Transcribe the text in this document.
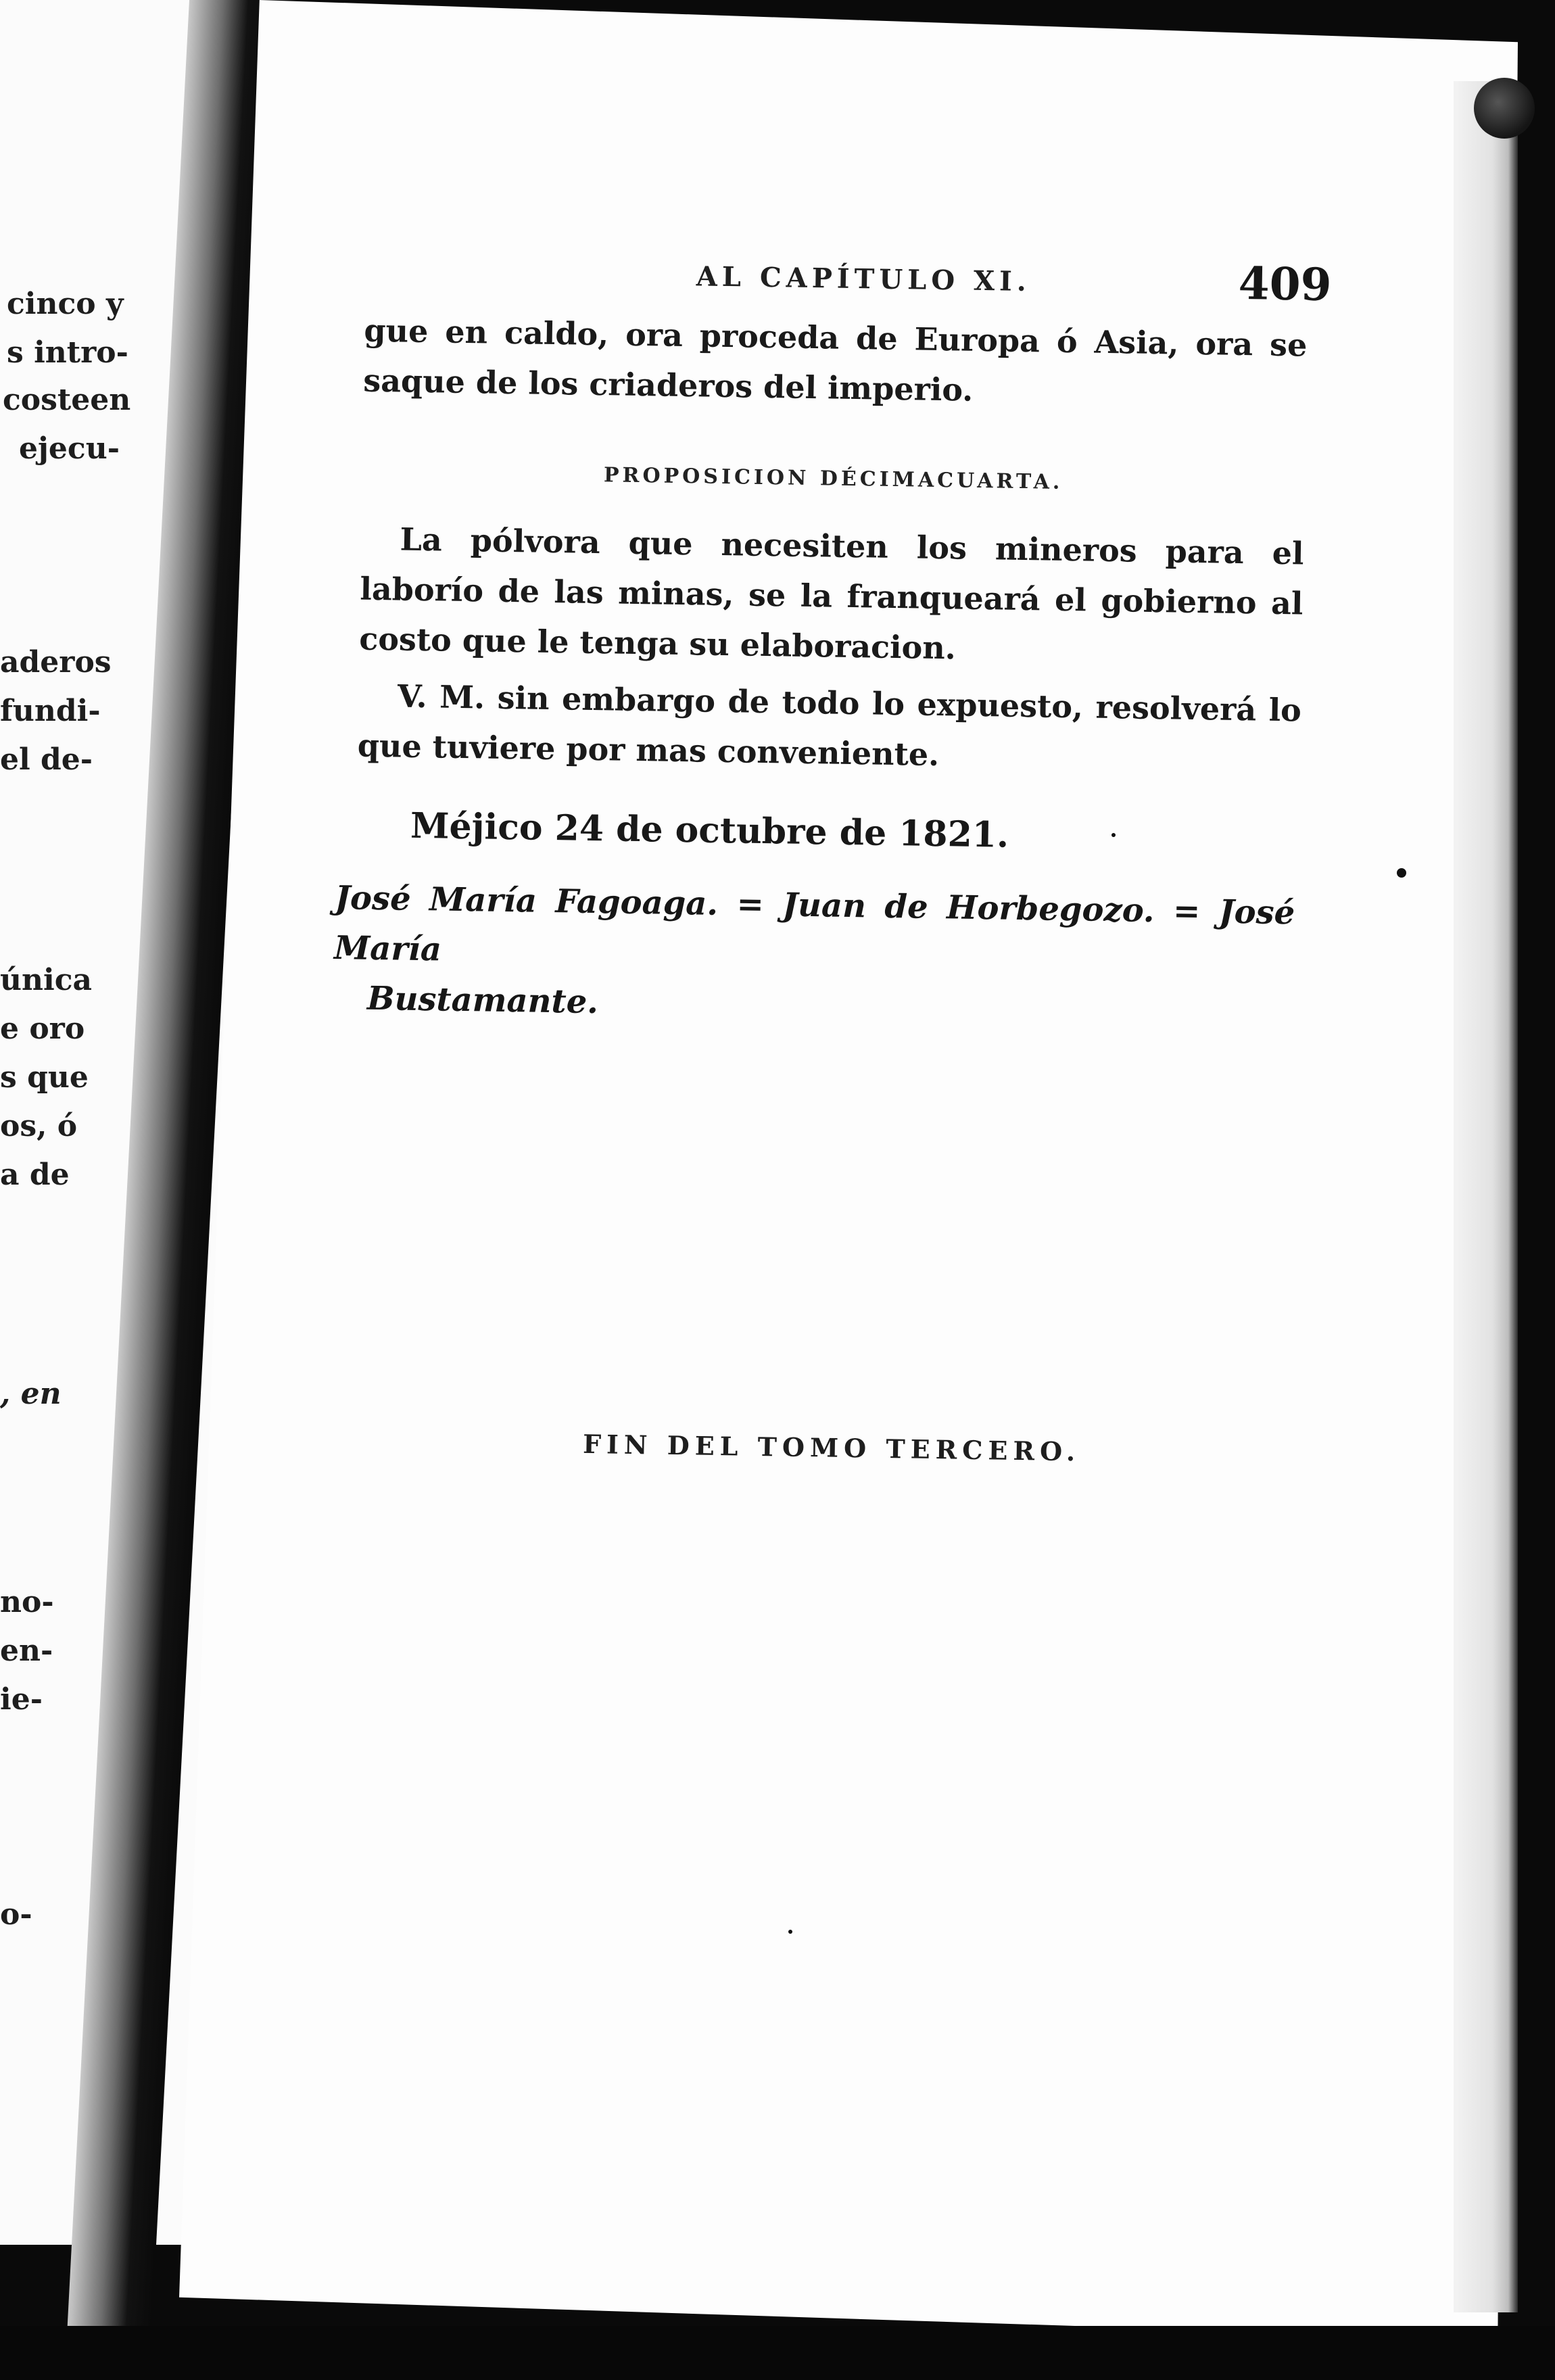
cinco y
s intro-
costeen
ejecu-
aderos
fundi-
el de-
única
e oro
s que
os, ó
a de
, en
no-
en-
ie-
o-
AL CAPÍTULO XI.	409
gue en caldo, ora proceda de Europa ó Asia, ora se saque de los criaderos del imperio.
PROPOSICION DÉCIMACUARTA.
La pólvora que necesiten los mineros para el laborío de las minas, se la franqueará el gobierno al costo que le tenga su elaboracion.
V. M. sin embargo de todo lo expuesto, resolverá lo que tuviere por mas conveniente.
Méjico 24 de octubre de 1821.
José María Fagoaga. = Juan de Horbegozo. = José María
Bustamante.
FIN DEL TOMO TERCERO.
